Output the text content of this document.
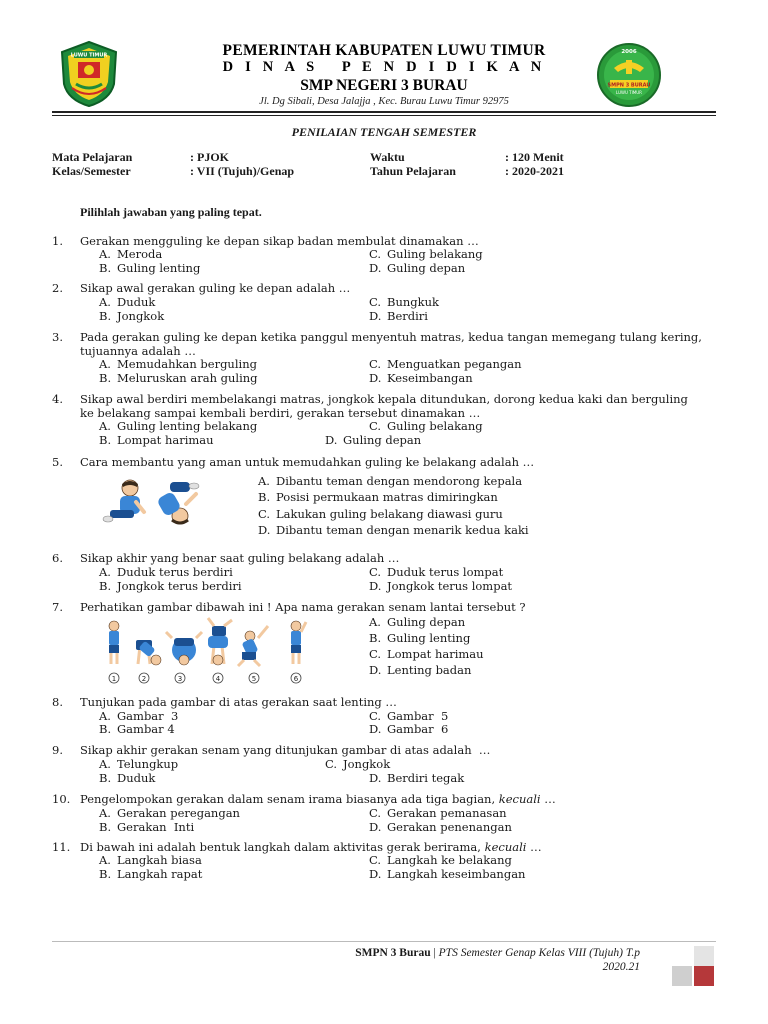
LUWU TIMUR
2006
SMPN 3 BURAU
LUWU TIMUR
PEMERINTAH KABUPATEN LUWU TIMUR
D I N A S   P E N D I D I K A N
SMP NEGERI 3 BURAU
Jl. Dg Sibali, Desa Jalajja , Kec. Burau Luwu Timur 92975
PENILAIAN TENGAH SEMESTER
Mata Pelajaran	: PJOK
Kelas/Semester	: VII (Tujuh)/Genap
Waktu	: 120 Menit
Tahun Pelajaran	: 2020-2021
Pilihlah jawaban yang paling tepat.
1. Gerakan mengguling ke depan sikap badan membulat dinamakan …
A. Meroda
B. Guling lenting
C. Guling belakang
D. Guling depan
2. Sikap awal gerakan guling ke depan adalah …
A. Duduk
B. Jongkok
C. Bungkuk
D. Berdiri
3. Pada gerakan guling ke depan ketika panggul menyentuh matras, kedua tangan memegang tulang kering,
tujuannya adalah …
A. Memudahkan berguling
B. Meluruskan arah guling
C. Menguatkan pegangan
D. Keseimbangan
4. Sikap awal berdiri membelakangi matras, jongkok kepala ditundukan, dorong kedua kaki dan berguling
ke belakang sampai kembali berdiri, gerakan tersebut dinamakan …
A. Guling lenting belakang
B. Lompat harimau
C. Guling belakang
D. Guling depan
5. Cara membantu yang aman untuk memudahkan guling ke belakang adalah …
A. Dibantu teman dengan mendorong kepala
B. Posisi permukaan matras dimiringkan
C. Lakukan guling belakang diawasi guru
D. Dibantu teman dengan menarik kedua kaki
6. Sikap akhir yang benar saat guling belakang adalah …
A. Duduk terus berdiri
B. Jongkok terus berdiri
C. Duduk terus lompat
D. Jongkok terus lompat
7. Perhatikan gambar dibawah ini ! Apa nama gerakan senam lantai tersebut ?
1	2	3	4	5	6
A. Guling depan
B. Guling lenting
C. Lompat harimau
D. Lenting badan
8. Tunjukan pada gambar di atas gerakan saat lenting …
A. Gambar  3
B. Gambar 4
C. Gambar  5
D. Gambar  6
9. Sikap akhir gerakan senam yang ditunjukan gambar di atas adalah  …
A. Telungkup
B. Duduk
C. Jongkok
D. Berdiri tegak
10. Pengelompokan gerakan dalam senam irama biasanya ada tiga bagian, kecuali …
A. Gerakan peregangan
B. Gerakan  Inti
C. Gerakan pemanasan
D. Gerakan penenangan
11. Di bawah ini adalah bentuk langkah dalam aktivitas gerak berirama, kecuali …
A. Langkah biasa
B. Langkah rapat
C. Langkah ke belakang
D. Langkah keseimbangan
SMPN 3 Burau | PTS Semester Genap Kelas VIII (Tujuh) T.p
2020.21
